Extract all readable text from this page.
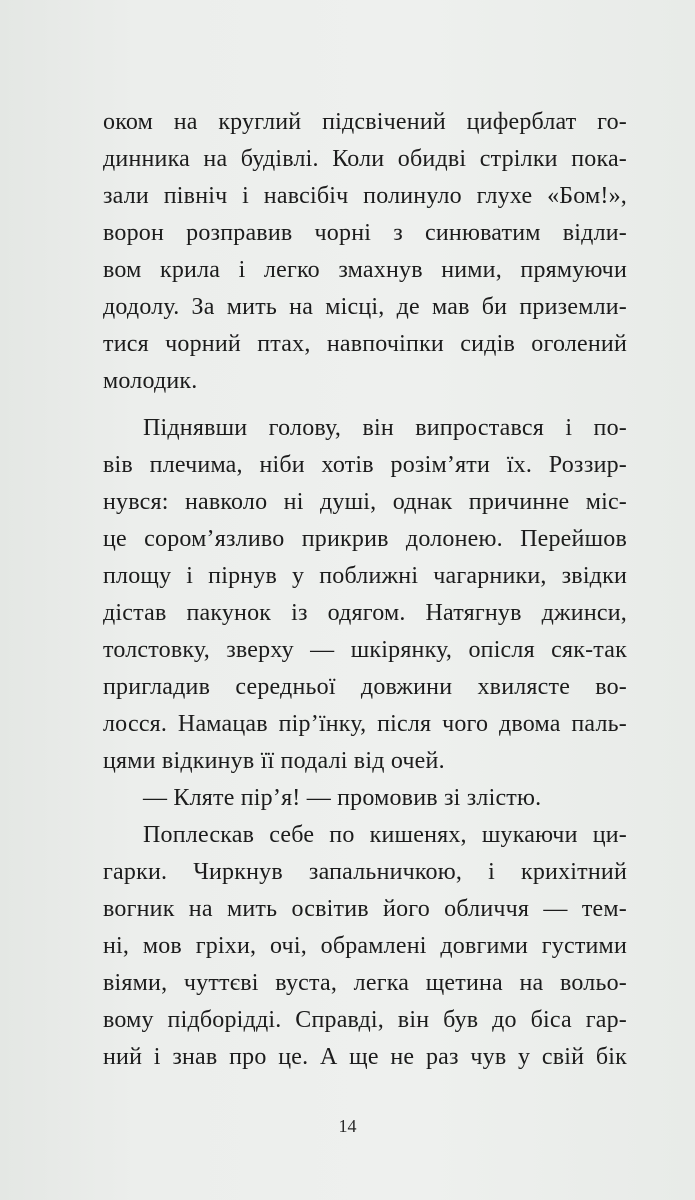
оком на круглий підсвічений циферблат го-
динника на будівлі. Коли обидві стрілки пока-
зали північ і навсібіч полинуло глухе «Бом!»,
ворон розправив чорні з синюватим відли-
вом крила і легко змахнув ними, прямуючи
додолу. За мить на місці, де мав би приземли-
тися чорний птах, навпочіпки сидів оголений
молодик.
Піднявши голову, він випростався і по-
вів плечима, ніби хотів розім’яти їх. Роззир-
нувся: навколо ні душі, однак причинне міс-
це сором’язливо прикрив долонею. Перейшов
площу і пірнув у поближні чагарники, звідки
дістав пакунок із одягом. Натягнув джинси,
толстовку, зверху — шкірянку, опісля сяк-так
пригладив середньої довжини хвилясте во-
лосся. Намацав пір’їнку, після чого двома паль-
цями відкинув її подалі від очей.
— Кляте пір’я! — промовив зі злістю.
Поплескав себе по кишенях, шукаючи ци-
гарки. Чиркнув запальничкою, і крихітний
вогник на мить освітив його обличчя — тем-
ні, мов гріхи, очі, обрамлені довгими густими
віями, чуттєві вуста, легка щетина на вольо-
вому підборідді. Справді, він був до біса гар-
ний і знав про це. А ще не раз чув у свій бік
14
